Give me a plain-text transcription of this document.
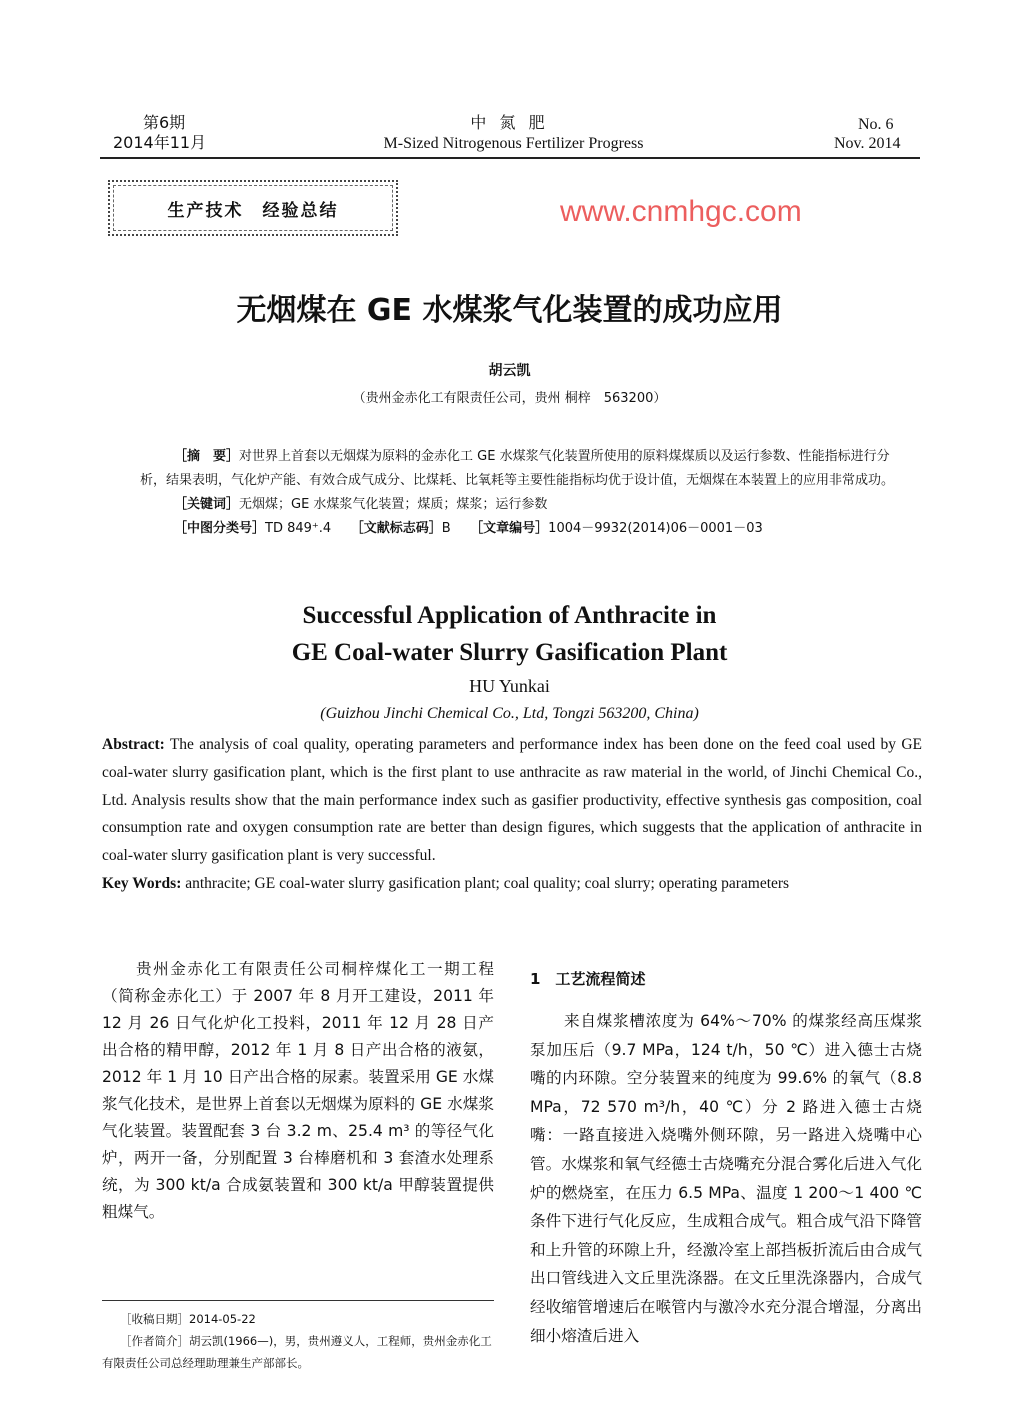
第6期
2014年11月
中 氮 肥
M-Sized Nitrogenous Fertilizer Progress
No. 6
Nov. 2014
生产技术　经验总结
无烟煤在 GE 水煤浆气化装置的成功应用
胡云凯
（贵州金赤化工有限责任公司，贵州 桐梓　563200）

［摘　要］对世界上首套以无烟煤为原料的金赤化工 GE 水煤浆气化装置所使用的原料煤煤质以及运行参数、性能指标进行分析，结果表明，气化炉产能、有效合成气成分、比煤耗、比氧耗等主要性能指标均优于设计值，无烟煤在本装置上的应用非常成功。

［关键词］无烟煤；GE 水煤浆气化装置；煤质；煤浆；运行参数

［中图分类号］TD 849⁺.4　　 ［文献标志码］B　　 ［文章编号］1004－9932(2014)06－0001－03

Successful Application of Anthracite in
GE Coal-water Slurry Gasification Plant
HU Yunkai
(Guizhou Jinchi Chemical Co., Ltd, Tongzi 563200, China)

Abstract: The analysis of coal quality, operating parameters and performance index has been done on the feed coal used by GE coal-water slurry gasification plant, which is the first plant to use anthracite as raw material in the world, of Jinchi Chemical Co., Ltd. Analysis results show that the main performance index such as gasifier productivity, effective synthesis gas composition, coal consumption rate and oxygen consumption rate are better than design figures, which suggests that the application of anthracite in coal-water slurry gasification plant is very successful.

Key Words: anthracite; GE coal-water slurry gasification plant; coal quality; coal slurry; operating parameters

贵州金赤化工有限责任公司桐梓煤化工一期工程（简称金赤化工）于 2007 年 8 月开工建设，2011 年 12 月 26 日气化炉化工投料，2011 年 12 月 28 日产出合格的精甲醇，2012 年 1 月 8 日产出合格的液氨，2012 年 1 月 10 日产出合格的尿素。装置采用 GE 水煤浆气化技术，是世界上首套以无烟煤为原料的 GE 水煤浆气化装置。装置配套 3 台 3.2 m、25.4 m³ 的等径气化炉，两开一备，分别配置 3 台棒磨机和 3 套渣水处理系统，为 300 kt/a 合成氨装置和 300 kt/a 甲醇装置提供粗煤气。
［收稿日期］2014-05-22
［作者简介］胡云凯(1966—)，男，贵州遵义人，工程师，贵州金赤化工有限责任公司总经理助理兼生产部部长。
1　工艺流程简述
来自煤浆槽浓度为 64%～70% 的煤浆经高压煤浆泵加压后（9.7 MPa，124 t/h，50 ℃）进入德士古烧嘴的内环隙。空分装置来的纯度为 99.6% 的氧气（8.8 MPa，72 570 m³/h，40 ℃）分 2 路进入德士古烧嘴：一路直接进入烧嘴外侧环隙，另一路进入烧嘴中心管。水煤浆和氧气经德士古烧嘴充分混合雾化后进入气化炉的燃烧室，在压力 6.5 MPa、温度 1 200～1 400 ℃条件下进行气化反应，生成粗合成气。粗合成气沿下降管和上升管的环隙上升，经激冷室上部挡板折流后由合成气出口管线进入文丘里洗涤器。在文丘里洗涤器内，合成气经收缩管增速后在喉管内与激冷水充分混合增湿，分离出细小熔渣后进入
www.cnmhgc.com
